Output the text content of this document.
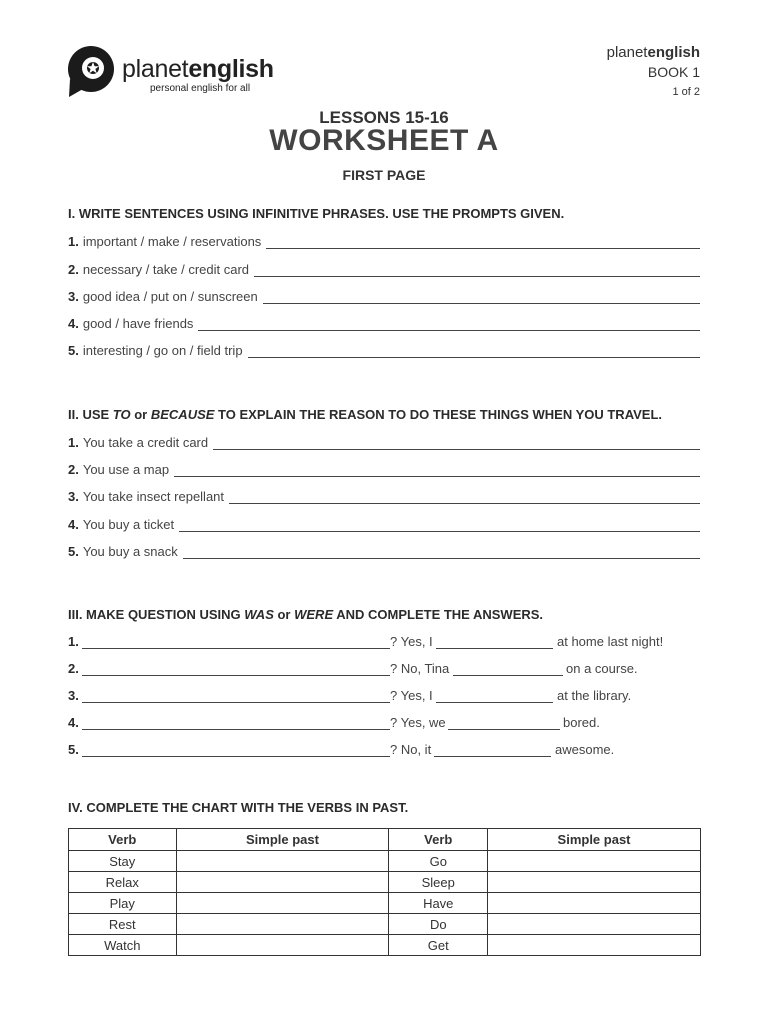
planetenglish
personal english for all
planetenglish
BOOK 1
1 of 2
LESSONS 15-16
WORKSHEET A
FIRST PAGE
I. WRITE SENTENCES USING INFINITIVE PHRASES. USE THE PROMPTS GIVEN.
1. important / make / reservations
2. necessary / take / credit card
3. good idea / put on / sunscreen
4. good / have friends
5. interesting / go on / field trip
II. USE TO or BECAUSE TO EXPLAIN THE REASON TO DO THESE THINGS WHEN YOU TRAVEL.
1. You take a credit card
2. You use a map
3. You take insect repellant
4. You buy a ticket
5. You buy a snack
III. MAKE QUESTION USING WAS or WERE AND COMPLETE THE ANSWERS.
1.	? Yes, I	at home last night!
2.	? No, Tina	on a course.
3.	? Yes, I	at the library.
4.	? Yes, we	bored.
5.	? No, it	awesome.
IV. COMPLETE THE CHART WITH THE VERBS IN PAST.
Verb	Simple past	Verb	Simple past
Stay		Go	
Relax		Sleep	
Play		Have	
Rest		Do	
Watch		Get	
